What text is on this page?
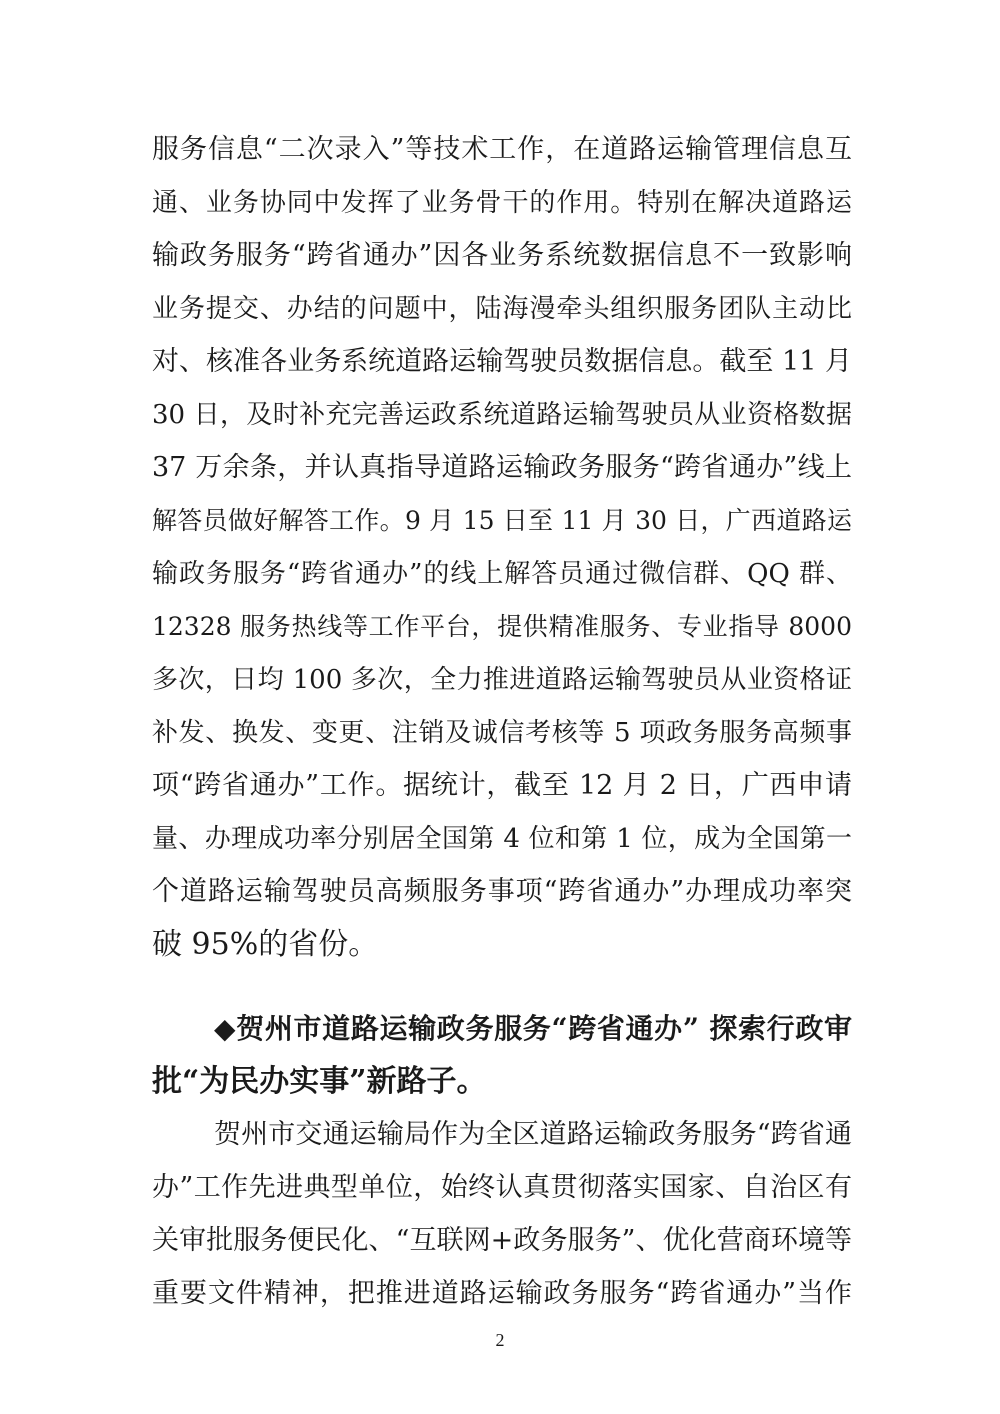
服务信息“二次录入”等技术工作，在道路运输管理信息互
通、业务协同中发挥了业务骨干的作用。特别在解决道路运
输政务服务“跨省通办”因各业务系统数据信息不一致影响
业务提交、办结的问题中，陆海漫牵头组织服务团队主动比
对、核准各业务系统道路运输驾驶员数据信息。截至 11 月
30 日，及时补充完善运政系统道路运输驾驶员从业资格数据
37 万余条，并认真指导道路运输政务服务“跨省通办”线上
解答员做好解答工作。9 月 15 日至 11 月 30 日，广西道路运
输政务服务“跨省通办”的线上解答员通过微信群、QQ 群、
12328 服务热线等工作平台，提供精准服务、专业指导 8000
多次，日均 100 多次，全力推进道路运输驾驶员从业资格证
补发、换发、变更、注销及诚信考核等 5 项政务服务高频事
项“跨省通办”工作。据统计，截至 12 月 2 日，广西申请
量、办理成功率分别居全国第 4 位和第 1 位，成为全国第一
个道路运输驾驶员高频服务事项“跨省通办”办理成功率突
破 95%的省份。
◆贺州市道路运输政务服务“跨省通办” 探索行政审
批“为民办实事”新路子。
贺州市交通运输局作为全区道路运输政务服务“跨省通
办”工作先进典型单位，始终认真贯彻落实国家、自治区有
关审批服务便民化、“互联网+政务服务”、优化营商环境等
重要文件精神，把推进道路运输政务服务“跨省通办”当作
2
